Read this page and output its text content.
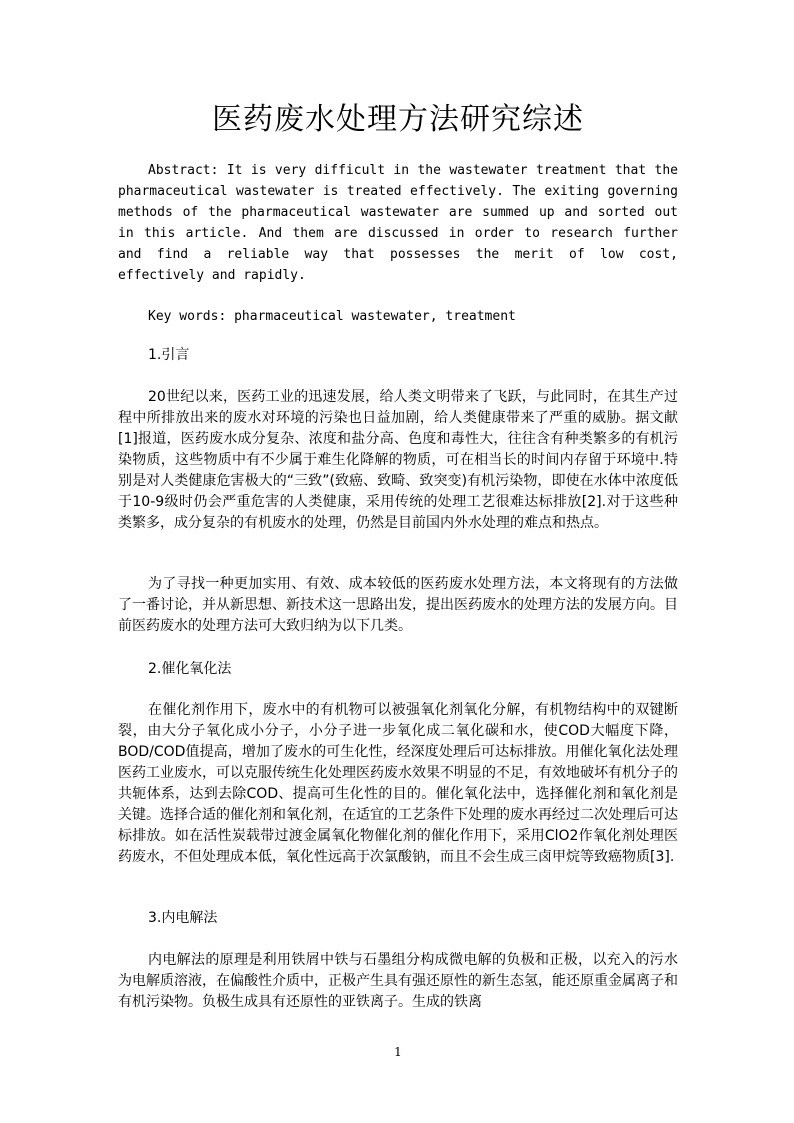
医药废水处理方法研究综述
Abstract: It is very difficult in the wastewater treatment that the pharmaceutical wastewater is treated effectively. The exiting governing methods of the pharmaceutical wastewater are summed up and sorted out in this article. And them are discussed in order to research further and find a reliable way that possesses the merit of low cost, effectively and rapidly.
Key words: pharmaceutical wastewater, treatment
1.引言
20世纪以来，医药工业的迅速发展，给人类文明带来了飞跃，与此同时，在其生产过程中所排放出来的废水对环境的污染也日益加剧，给人类健康带来了严重的威胁。据文献[1]报道，医药废水成分复杂、浓度和盐分高、色度和毒性大，往往含有种类繁多的有机污染物质，这些物质中有不少属于难生化降解的物质，可在相当长的时间内存留于环境中.特别是对人类健康危害极大的“三致”(致癌、致畸、致突变)有机污染物，即使在水体中浓度低于10-9级时仍会严重危害的人类健康，采用传统的处理工艺很难达标排放[2].对于这些种类繁多，成分复杂的有机废水的处理，仍然是目前国内外水处理的难点和热点。
为了寻找一种更加实用、有效、成本较低的医药废水处理方法，本文将现有的方法做了一番讨论，并从新思想、新技术这一思路出发，提出医药废水的处理方法的发展方向。目前医药废水的处理方法可大致归纳为以下几类。
2.催化氧化法
在催化剂作用下，废水中的有机物可以被强氧化剂氧化分解，有机物结构中的双键断裂，由大分子氧化成小分子，小分子进一步氧化成二氧化碳和水，使COD大幅度下降，BOD/COD值提高，增加了废水的可生化性，经深度处理后可达标排放。用催化氧化法处理医药工业废水，可以克服传统生化处理医药废水效果不明显的不足，有效地破坏有机分子的共轭体系，达到去除COD、提高可生化性的目的。催化氧化法中，选择催化剂和氧化剂是关键。选择合适的催化剂和氧化剂，在适宜的工艺条件下处理的废水再经过二次处理后可达标排放。如在活性炭载带过渡金属氧化物催化剂的催化作用下，采用ClO2作氧化剂处理医药废水，不但处理成本低，氧化性远高于次氯酸钠，而且不会生成三卤甲烷等致癌物质[3].
3.内电解法
内电解法的原理是利用铁屑中铁与石墨组分构成微电解的负极和正极，以充入的污水为电解质溶液，在偏酸性介质中，正极产生具有强还原性的新生态氢，能还原重金属离子和有机污染物。负极生成具有还原性的亚铁离子。生成的铁离
1
